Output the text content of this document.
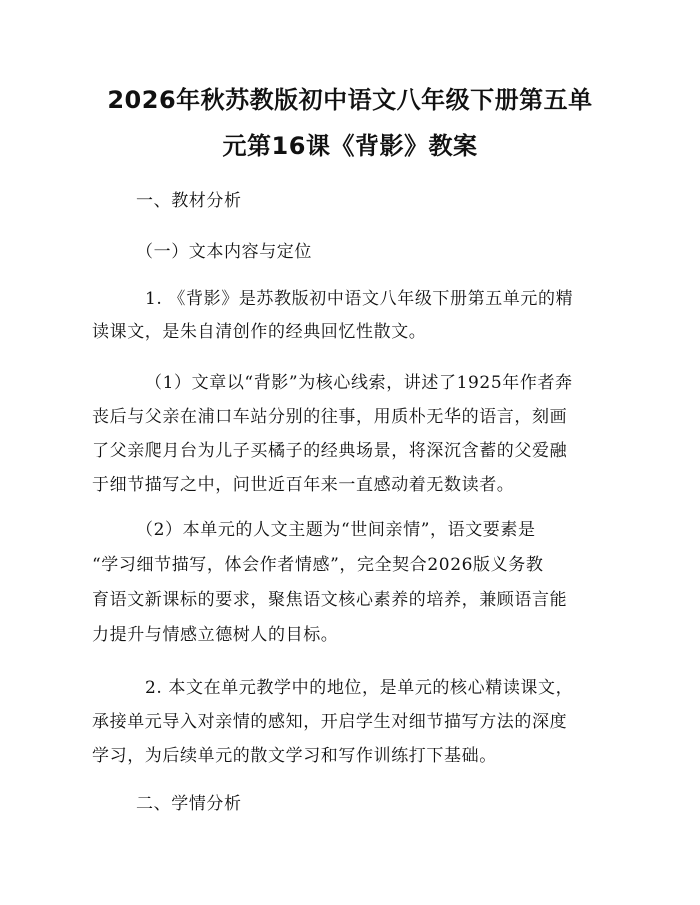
2026年秋苏教版初中语文八年级下册第五单
元第16课《背影》教案
一、教材分析
（一）文本内容与定位
1. 《背影》是苏教版初中语文八年级下册第五单元的精
读课文，是朱自清创作的经典回忆性散文。
（1）文章以“背影”为核心线索，讲述了1925年作者奔
丧后与父亲在浦口车站分别的往事，用质朴无华的语言，刻画
了父亲爬月台为儿子买橘子的经典场景，将深沉含蓄的父爱融
于细节描写之中，问世近百年来一直感动着无数读者。
（2）本单元的人文主题为“世间亲情”，语文要素是
“学习细节描写，体会作者情感”，完全契合2026版义务教
育语文新课标的要求，聚焦语文核心素养的培养，兼顾语言能
力提升与情感立德树人的目标。
2. 本文在单元教学中的地位，是单元的核心精读课文，
承接单元导入对亲情的感知，开启学生对细节描写方法的深度
学习，为后续单元的散文学习和写作训练打下基础。
二、学情分析
